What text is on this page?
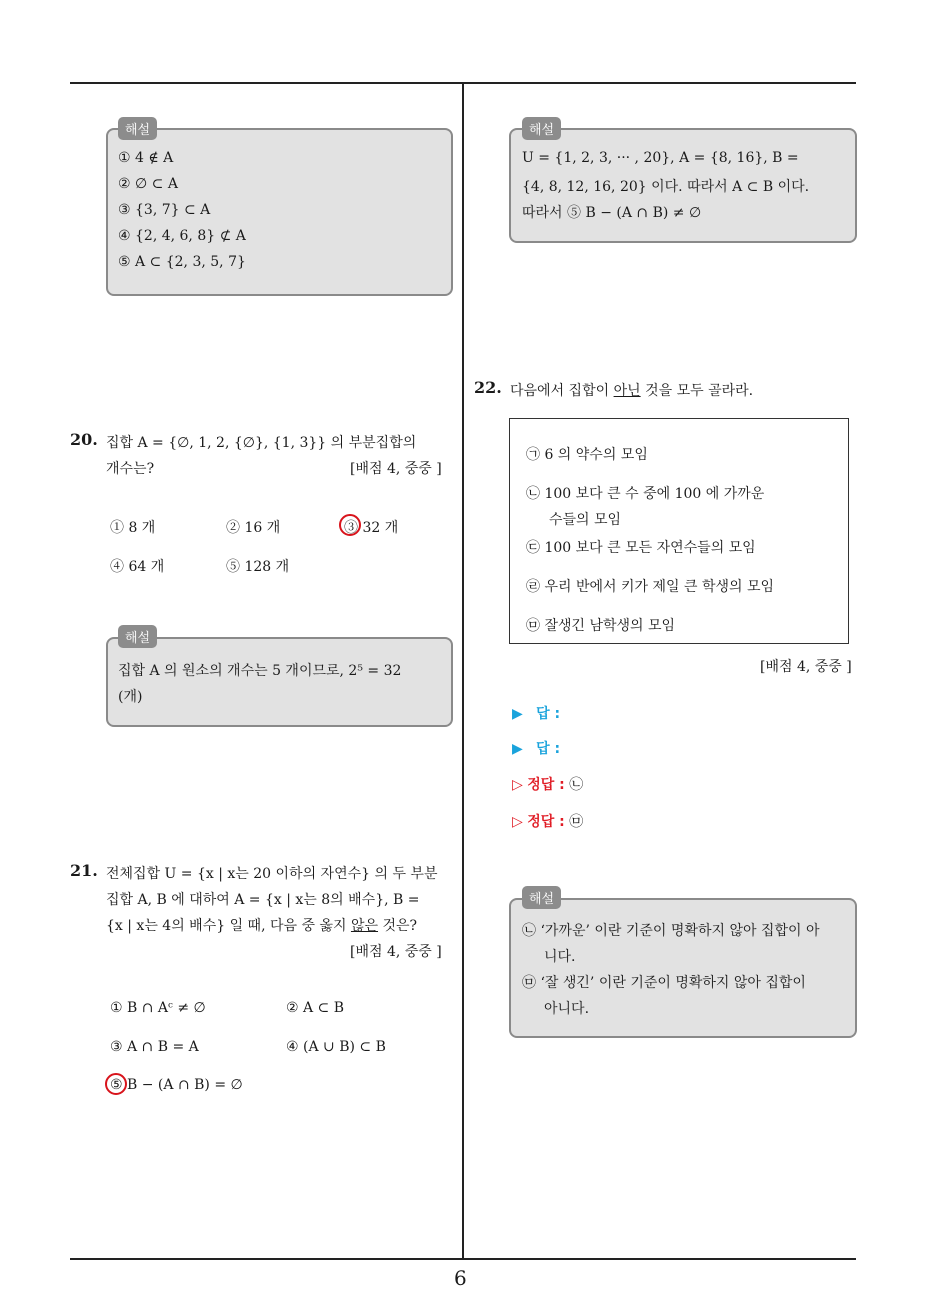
6
해설
① 4 ∉ A
② ∅ ⊂ A
③ {3, 7} ⊂ A
④ {2, 4, 6, 8} ⊄ A
⑤ A ⊂ {2, 3, 5, 7}
20. 집합 A = {∅, 1, 2, {∅}, {1, 3}} 의 부분집합의
개수는?	[배점 4, 중중 ]
① 8 개	② 16 개	③ 32 개
④ 64 개	⑤ 128 개
해설
집합 A 의 원소의 개수는 5 개이므로, 2⁵ = 32
(개)
21. 전체집합 U = {x | x는 20 이하의 자연수} 의 두 부분
집합 A, B 에 대하여 A = {x | x는 8의 배수}, B =
{x | x는 4의 배수} 일 때, 다음 중 옳지 않은 것은?
[배점 4, 중중 ]
① B ∩ Aᶜ ≠ ∅	② A ⊂ B
③ A ∩ B = A	④ (A ∪ B) ⊂ B
⑤ B − (A ∩ B) = ∅
해설
U = {1, 2, 3, ··· , 20}, A = {8, 16}, B =
{4, 8, 12, 16, 20} 이다. 따라서 A ⊂ B 이다.
따라서 ⑤ B − (A ∩ B) ≠ ∅
22. 다음에서 집합이 아닌 것을 모두 골라라.
㉠ 6 의 약수의 모임
㉡ 100 보다 큰 수 중에 100 에 가까운
수들의 모임
㉢ 100 보다 큰 모든 자연수들의 모임
㉣ 우리 반에서 키가 제일 큰 학생의 모임
㉤ 잘생긴 남학생의 모임
[배점 4, 중중 ]
▶ 답 :
▶ 답 :
▷ 정답 : ㉡
▷ 정답 : ㉤
해설
㉡ ‘가까운’ 이란 기준이 명확하지 않아 집합이 아
니다.
㉤ ‘잘 생긴’ 이란 기준이 명확하지 않아 집합이
아니다.
